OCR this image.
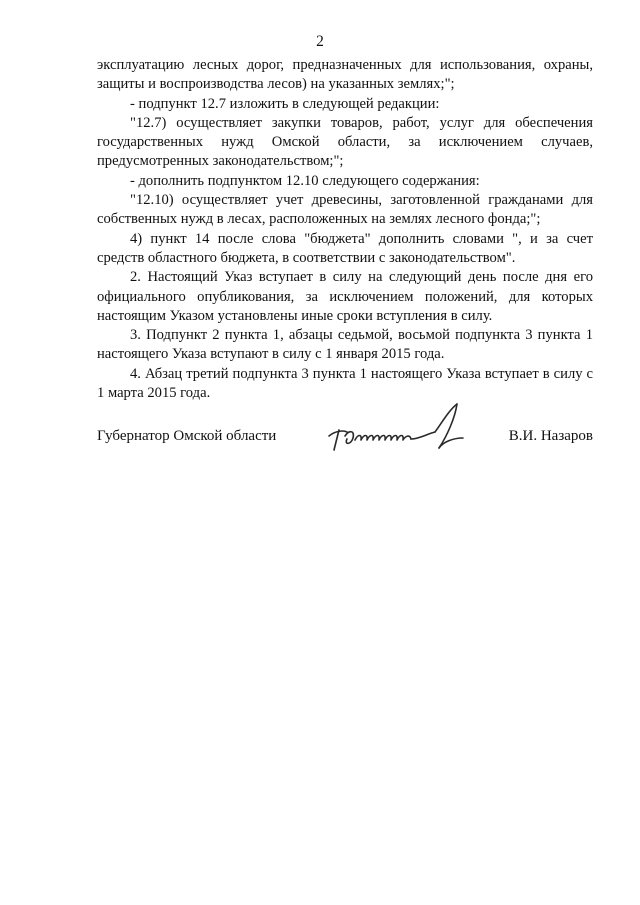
2

эксплуатацию лесных дорог, предназначенных для использования, охраны, защиты и воспроизводства лесов) на указанных землях;";

- подпункт 12.7 изложить в следующей редакции:

"12.7) осуществляет закупки товаров, работ, услуг для обеспечения государственных нужд Омской области, за исключением случаев, предусмотренных законодательством;";

- дополнить подпунктом 12.10 следующего содержания:

"12.10) осуществляет учет древесины, заготовленной гражданами для собственных нужд в лесах, расположенных на землях лесного фонда;";

4) пункт 14 после слова "бюджета" дополнить словами ", и за счет средств областного бюджета, в соответствии с законодательством".

2. Настоящий Указ вступает в силу на следующий день после дня его официального опубликования, за исключением положений, для которых настоящим Указом установлены иные сроки вступления в силу.

3. Подпункт 2 пункта 1, абзацы седьмой, восьмой подпункта 3 пункта 1 настоящего Указа вступают в силу с 1 января 2015 года.

4. Абзац третий подпункта 3 пункта 1 настоящего Указа вступает в силу с 1 марта 2015 года.

Губернатор Омской области	В.И. Назаров
